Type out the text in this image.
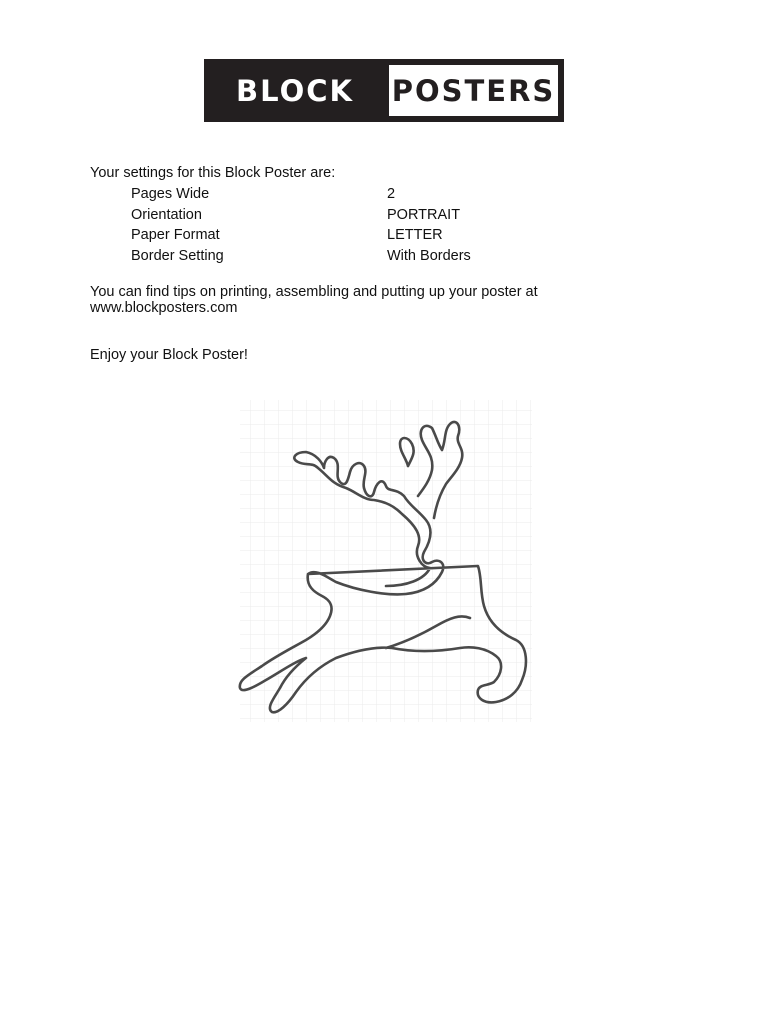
BLOCK	POSTERS
Your settings for this Block Poster are:
Pages Wide	2
Orientation	PORTRAIT
Paper Format	LETTER
Border Setting	With Borders
You can find tips on printing, assembling and putting up your poster at
www.blockposters.com
Enjoy your Block Poster!
